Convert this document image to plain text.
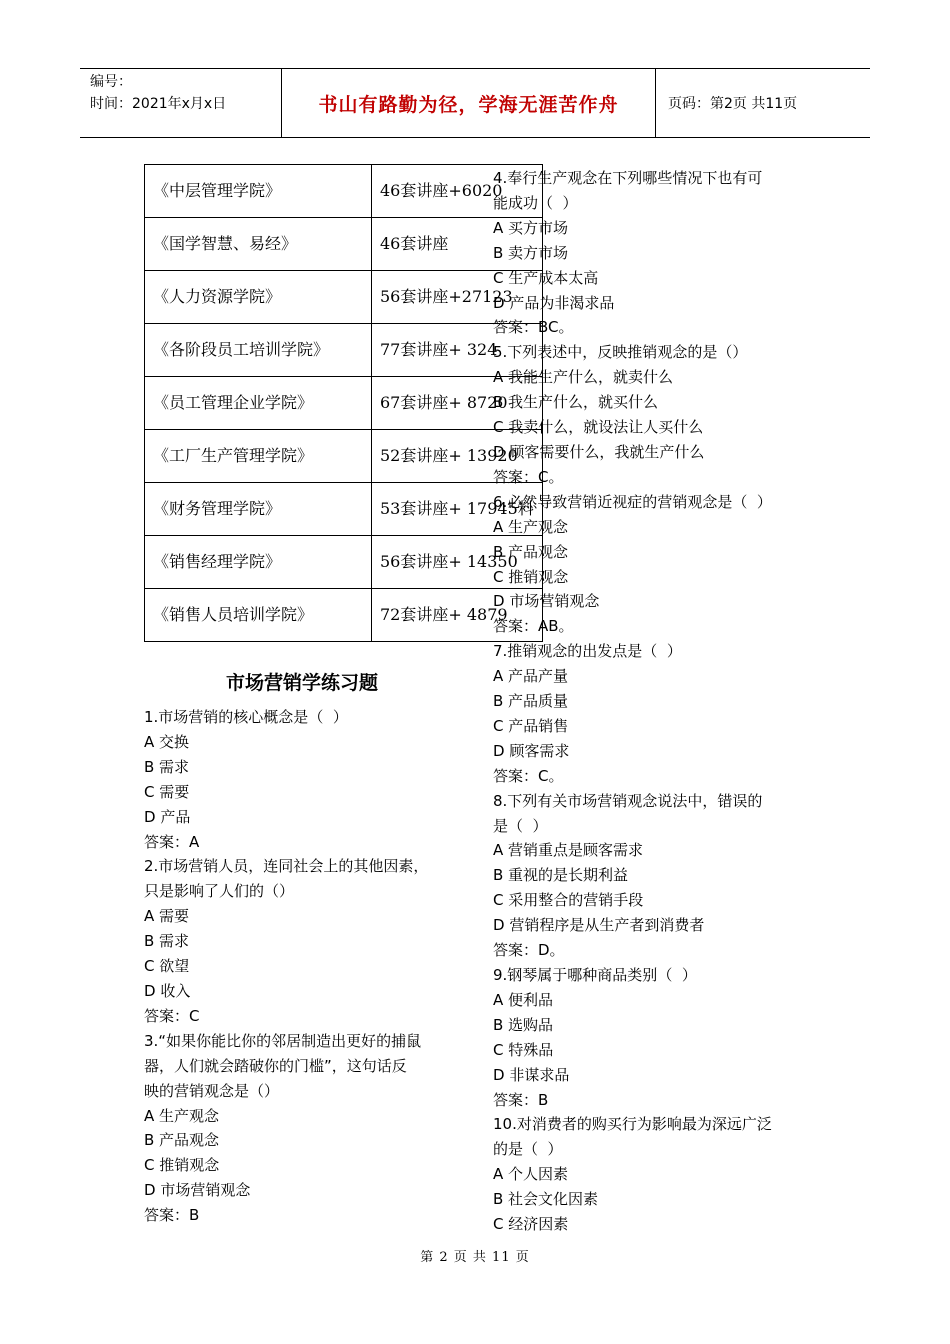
编号：
时间：2021年x月x日	书山有路勤为径，学海无涯苦作舟	页码：第2页 共11页
《中层管理学院》	46套讲座+6020
《国学智慧、易经》	46套讲座
《人力资源学院》	56套讲座+27123
《各阶段员工培训学院》	77套讲座+ 324
《员工管理企业学院》	67套讲座+ 8720
《工厂生产管理学院》	52套讲座+ 13920
《财务管理学院》	53套讲座+ 17945料
《销售经理学院》	56套讲座+ 14350
《销售人员培训学院》	72套讲座+ 4879
市场营销学练习题
1.市场营销的核心概念是（  ）
A 交换
B 需求
C 需要
D 产品
答案：A
2.市场营销人员，连同社会上的其他因素，
只是影响了人们的（）
A 需要
B 需求
C 欲望
D 收入
答案：C
3.“如果你能比你的邻居制造出更好的捕鼠
器，人们就会踏破你的门槛”，这句话反
映的营销观念是（）
A 生产观念
B 产品观念
C 推销观念
D 市场营销观念
答案：B
4.奉行生产观念在下列哪些情况下也有可
能成功（  ）
A 买方市场
B 卖方市场
C 生产成本太高
D 产品为非渴求品
答案：BC。
5.下列表述中，反映推销观念的是（）
A 我能生产什么，就卖什么
B 我生产什么，就买什么
C 我卖什么，就设法让人买什么
D 顾客需要什么，我就生产什么
答案：C。
6.必然导致营销近视症的营销观念是（  ）
A 生产观念
B 产品观念
C 推销观念
D 市场营销观念
答案：AB。
7.推销观念的出发点是（  ）
A 产品产量
B 产品质量
C 产品销售
D 顾客需求
答案：C。
8.下列有关市场营销观念说法中，错误的
是（  ）
A 营销重点是顾客需求
B 重视的是长期利益
C 采用整合的营销手段
D 营销程序是从生产者到消费者
答案：D。
9.钢琴属于哪种商品类别（  ）
A 便利品
B 选购品
C 特殊品
D 非谋求品
答案：B
10.对消费者的购买行为影响最为深远广泛
的是（  ）
A 个人因素
B 社会文化因素
C 经济因素
第 2 页 共 11 页
